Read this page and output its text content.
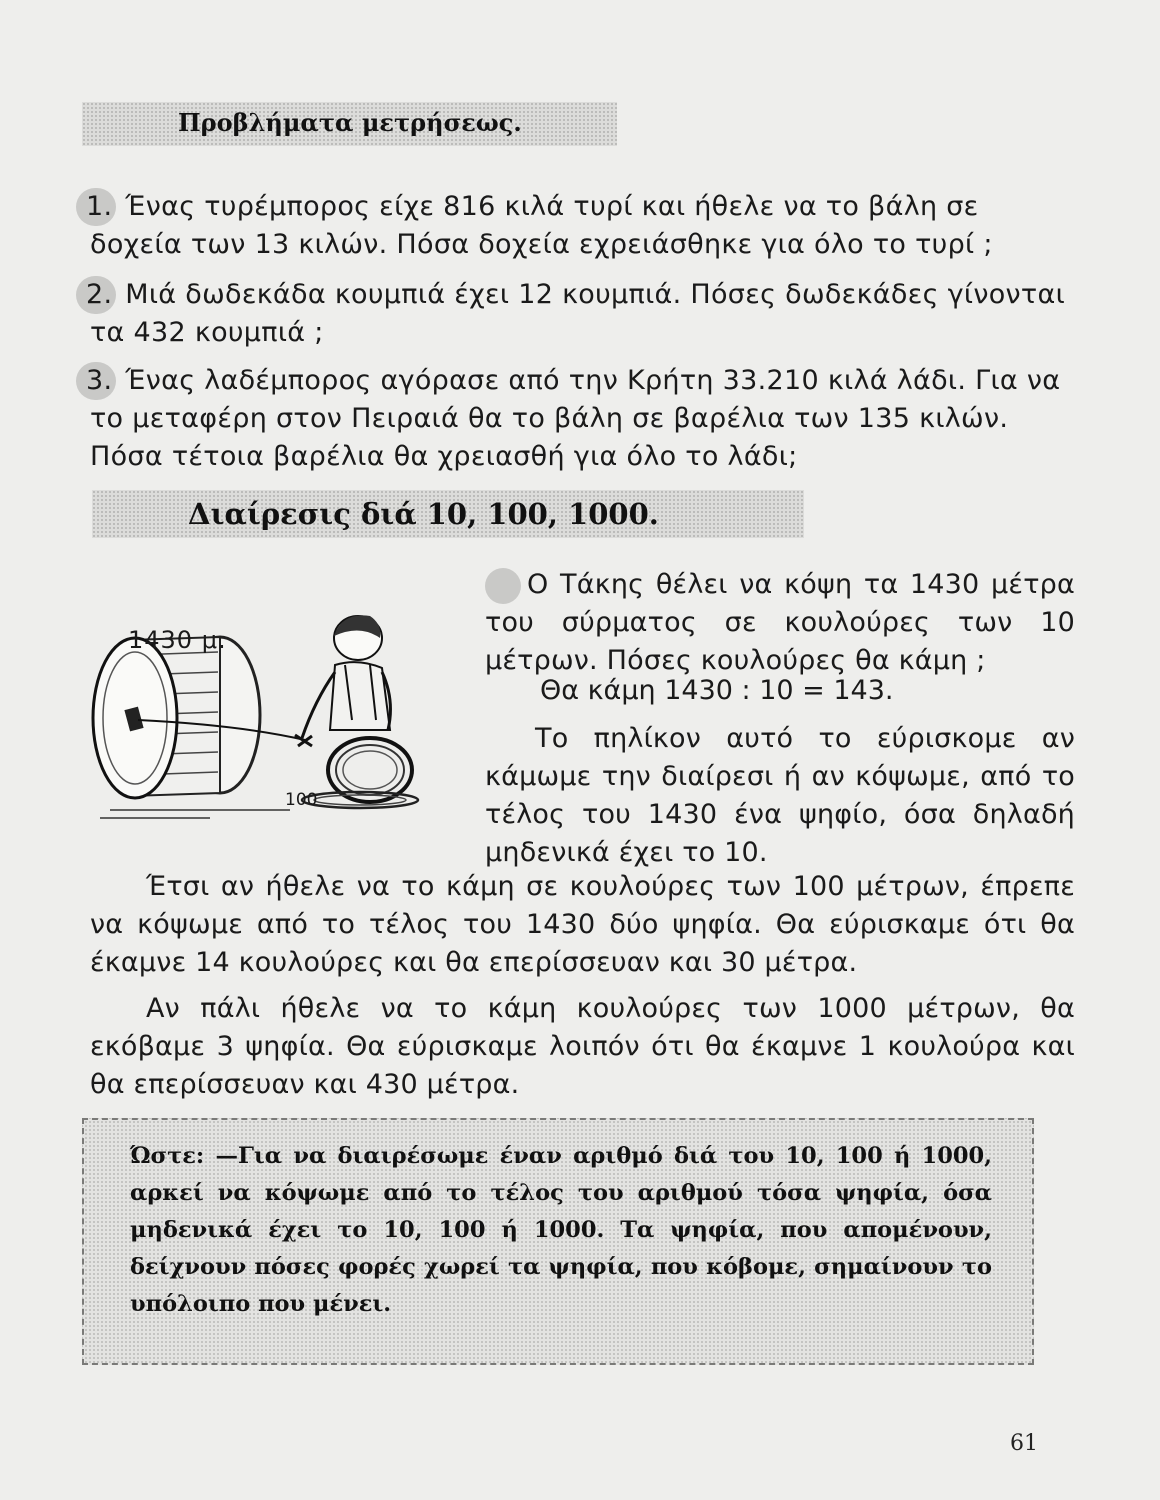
Προβλήματα μετρήσεως.
1. Ένας τυρέμπορος είχε 816 κιλά τυρί και ήθελε να το βάλη σε δοχεία των 13 κιλών. Πόσα δοχεία εχρειάσθηκε για όλο το τυρί ;
2. Μιά δωδεκάδα κουμπιά έχει 12 κουμπιά. Πόσες δωδεκάδες γίνονται τα 432 κουμπιά ;
3. Ένας λαδέμπορος αγόρασε από την Κρήτη 33.210 κιλά λάδι. Για να το μεταφέρη στον Πειραιά θα το βάλη σε βαρέλια των 135 κιλών. Πόσα τέτοια βαρέλια θα χρειασθή για όλο το λάδι;
Διαίρεσις διά 10, 100, 1000.
1430 μ.
100
Ο Τάκης θέλει να κόψη τα 1430 μέτρα του σύρματος σε κουλούρες των 10 μέτρων. Πόσες κουλούρες θα κάμη ;
Θα κάμη 1430 : 10 = 143.
Το πηλίκον αυτό το εύρισκομε αν κάμωμε την διαίρεσι ή αν κόψωμε, από το τέλος του 1430 ένα ψηφίο, όσα δηλαδή μηδενικά έχει το 10.
Έτσι αν ήθελε να το κάμη σε κουλούρες των 100 μέτρων, έπρεπε να κόψωμε από το τέλος του 1430 δύο ψηφία. Θα εύρισκαμε ότι θα έκαμνε 14 κουλούρες και θα επερίσσευαν και 30 μέτρα.
Αν πάλι ήθελε να το κάμη κουλούρες των 1000 μέτρων, θα εκόβαμε 3 ψηφία. Θα εύρισκαμε λοιπόν ότι θα έκαμνε 1 κουλούρα και θα επερίσσευαν και 430 μέτρα.
Ώστε: —Για να διαιρέσωμε έναν αριθμό διά του 10, 100 ή 1000, αρκεί να κόψωμε από το τέλος του αριθμού τόσα ψηφία, όσα μηδενικά έχει το 10, 100 ή 1000. Τα ψηφία, που απομένουν, δείχνουν πόσες φορές χωρεί τα ψηφία, που κόβομε, σημαίνουν το υπόλοιπο που μένει.
61
